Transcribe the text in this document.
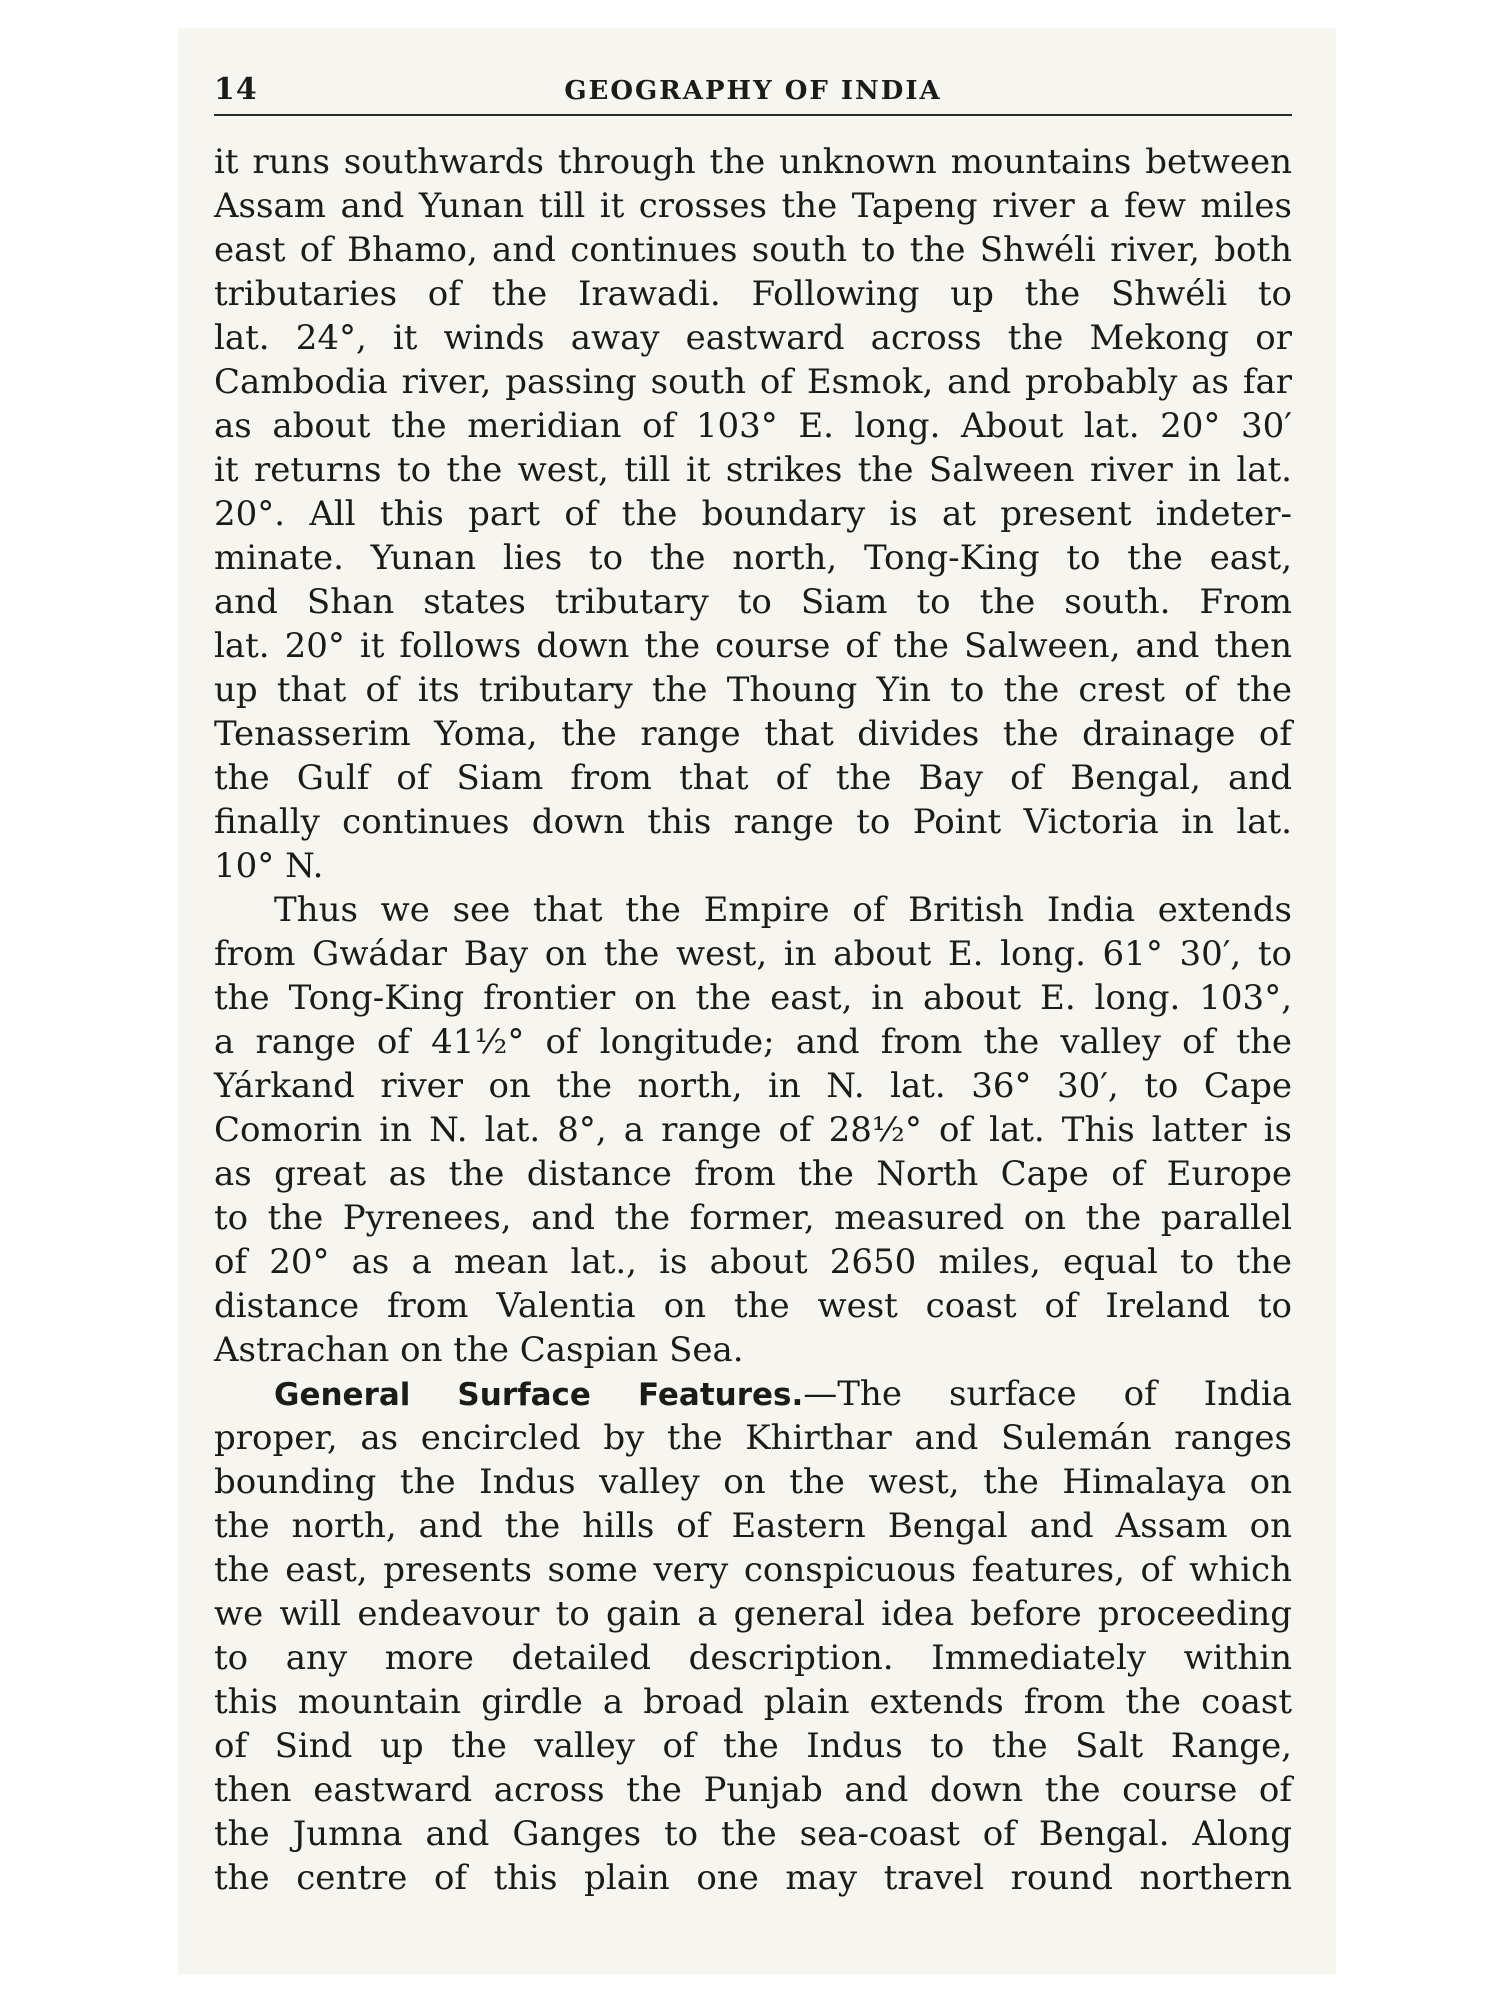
14	GEOGRAPHY OF INDIA
it runs southwards through the unknown mountains between
Assam and Yunan till it crosses the Tapeng river a few miles
east of Bhamo, and continues south to the Shwéli river, both
tributaries of the Irawadi. Following up the Shwéli to
lat. 24°, it winds away eastward across the Mekong or
Cambodia river, passing south of Esmok, and probably as far
as about the meridian of 103° E. long. About lat. 20° 30′
it returns to the west, till it strikes the Salween river in lat.
20°. All this part of the boundary is at present indeter-
minate. Yunan lies to the north, Tong-King to the east,
and Shan states tributary to Siam to the south. From
lat. 20° it follows down the course of the Salween, and then
up that of its tributary the Thoung Yin to the crest of the
Tenasserim Yoma, the range that divides the drainage of
the Gulf of Siam from that of the Bay of Bengal, and
finally continues down this range to Point Victoria in lat.
10° N.
Thus we see that the Empire of British India extends
from Gwádar Bay on the west, in about E. long. 61° 30′, to
the Tong-King frontier on the east, in about E. long. 103°,
a range of 41½° of longitude; and from the valley of the
Yárkand river on the north, in N. lat. 36° 30′, to Cape
Comorin in N. lat. 8°, a range of 28½° of lat. This latter is
as great as the distance from the North Cape of Europe
to the Pyrenees, and the former, measured on the parallel
of 20° as a mean lat., is about 2650 miles, equal to the
distance from Valentia on the west coast of Ireland to
Astrachan on the Caspian Sea.
General Surface Features.—The surface of India
proper, as encircled by the Khirthar and Sulemán ranges
bounding the Indus valley on the west, the Himalaya on
the north, and the hills of Eastern Bengal and Assam on
the east, presents some very conspicuous features, of which
we will endeavour to gain a general idea before proceeding
to any more detailed description. Immediately within
this mountain girdle a broad plain extends from the coast
of Sind up the valley of the Indus to the Salt Range,
then eastward across the Punjab and down the course of
the Jumna and Ganges to the sea-coast of Bengal. Along
the centre of this plain one may travel round northern
